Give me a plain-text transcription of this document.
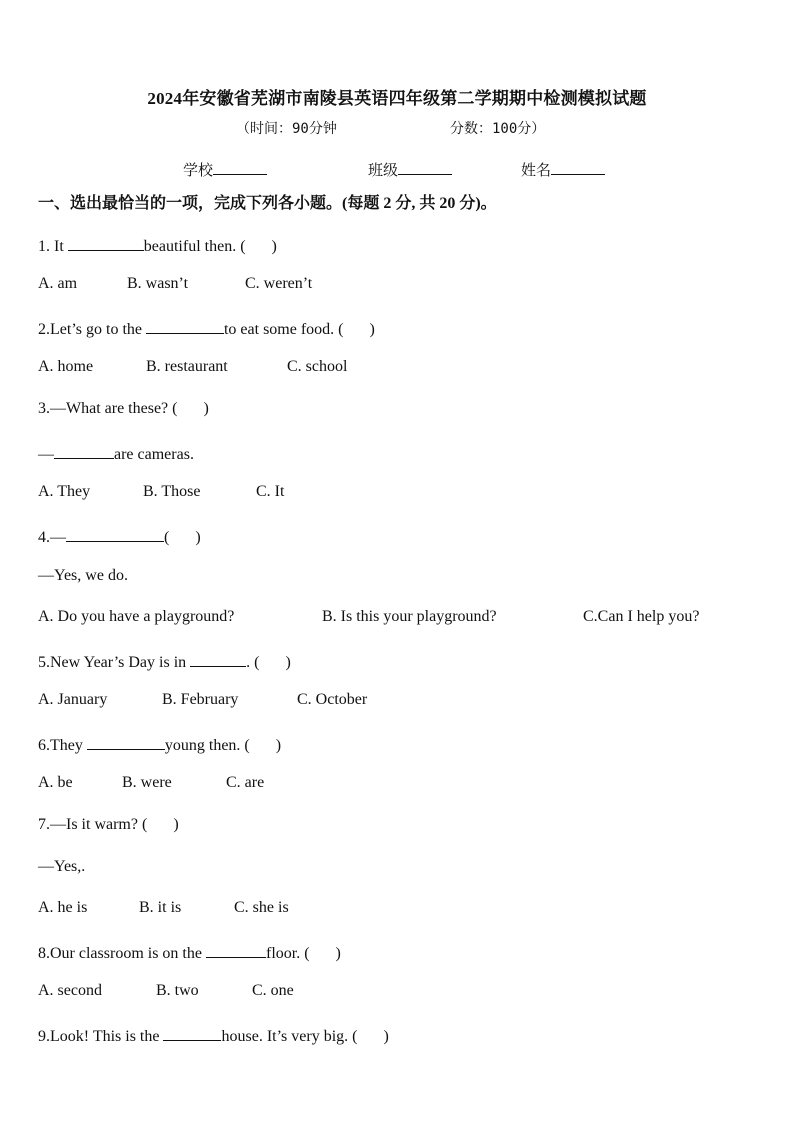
2024年安徽省芜湖市南陵县英语四年级第二学期期中检测模拟试题
（时间：90分钟	分数：100分）
学校	班级	姓名
一、选出最恰当的一项，完成下列各小题。(每题 2 分, 共 20 分)。
1. It	beautiful then. ( )
A. am	B. wasn’t	C. weren’t
2.Let’s go to the	to eat some food. ( )
A. home	B. restaurant	C. school
3.—What are these? ( )
—	are cameras.
A. They	B. Those	C. It
4.—	( )
—Yes, we do.
A. Do you have a playground?	B. Is this your playground?	C.Can I help you?
5.New Year’s Day is in	. ( )
A. January	B. February	C. October
6.They	young then. ( )
A. be	B. were	C. are
7.—Is it warm? ( )
—Yes,.
A. he is	B. it is	C. she is
8.Our classroom is on the	floor. ( )
A. second	B. two	C. one
9.Look! This is the	house. It’s very big. ( )
